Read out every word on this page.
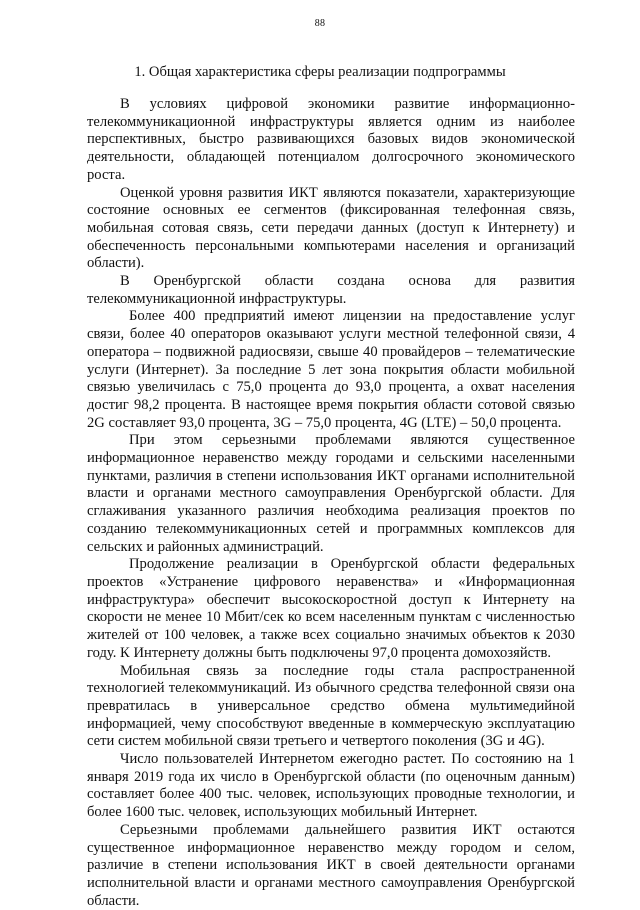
88
1. Общая характеристика сферы реализации подпрограммы

В условиях цифровой экономики развитие информационно-телекоммуникационной инфраструктуры является одним из наиболее перспективных, быстро развивающихся базовых видов экономической деятельности, обладающей потенциалом долгосрочного экономического роста.

Оценкой уровня развития ИКТ являются показатели, характеризующие состояние основных ее сегментов (фиксированная телефонная связь, мобильная сотовая связь, сети передачи данных (доступ к Интернету) и обеспеченность персональными компьютерами населения и организаций области).

В Оренбургской области создана основа для развития телекоммуникационной инфраструктуры.

Более 400 предприятий имеют лицензии на предоставление услуг связи, более 40 операторов оказывают услуги местной телефонной связи, 4 оператора – подвижной радиосвязи, свыше 40 провайдеров – телематические услуги (Интернет). За последние 5 лет зона покрытия области мобильной связью увеличилась с 75,0 процента до 93,0 процента, а охват населения достиг 98,2 процента. В настоящее время покрытия области сотовой связью 2G составляет 93,0 процента, 3G – 75,0 процента, 4G (LTE) – 50,0 процента.

При этом серьезными проблемами являются существенное информационное неравенство между городами и сельскими населенными пунктами, различия в степени использования ИКТ органами исполнительной власти и органами местного самоуправления Оренбургской области. Для сглаживания указанного различия необходима реализация проектов по созданию телекоммуникационных сетей и программных комплексов для сельских и районных администраций.

Продолжение реализации в Оренбургской области федеральных проектов «Устранение цифрового неравенства» и «Информационная инфраструктура» обеспечит высокоскоростной доступ к Интернету на скорости не менее 10 Мбит/сек ко всем населенным пунктам с численностью жителей от 100 человек, а также всех социально значимых объектов к 2030 году. К Интернету должны быть подключены 97,0 процента домохозяйств.

Мобильная связь за последние годы стала распространенной технологией телекоммуникаций. Из обычного средства телефонной связи она превратилась в универсальное средство обмена мультимедийной информацией, чему способствуют введенные в коммерческую эксплуатацию сети систем мобильной связи третьего и четвертого поколения (3G и 4G).

Число пользователей Интернетом ежегодно растет. По состоянию на 1 января 2019 года их число в Оренбургской области (по оценочным данным) составляет более 400 тыс. человек, использующих проводные технологии, и более 1600 тыс. человек, использующих мобильный Интернет.

Серьезными проблемами дальнейшего развития ИКТ остаются существенное информационное неравенство между городом и селом, различие в степени использования ИКТ в своей деятельности органами исполнительной власти и органами местного самоуправления Оренбургской области.
